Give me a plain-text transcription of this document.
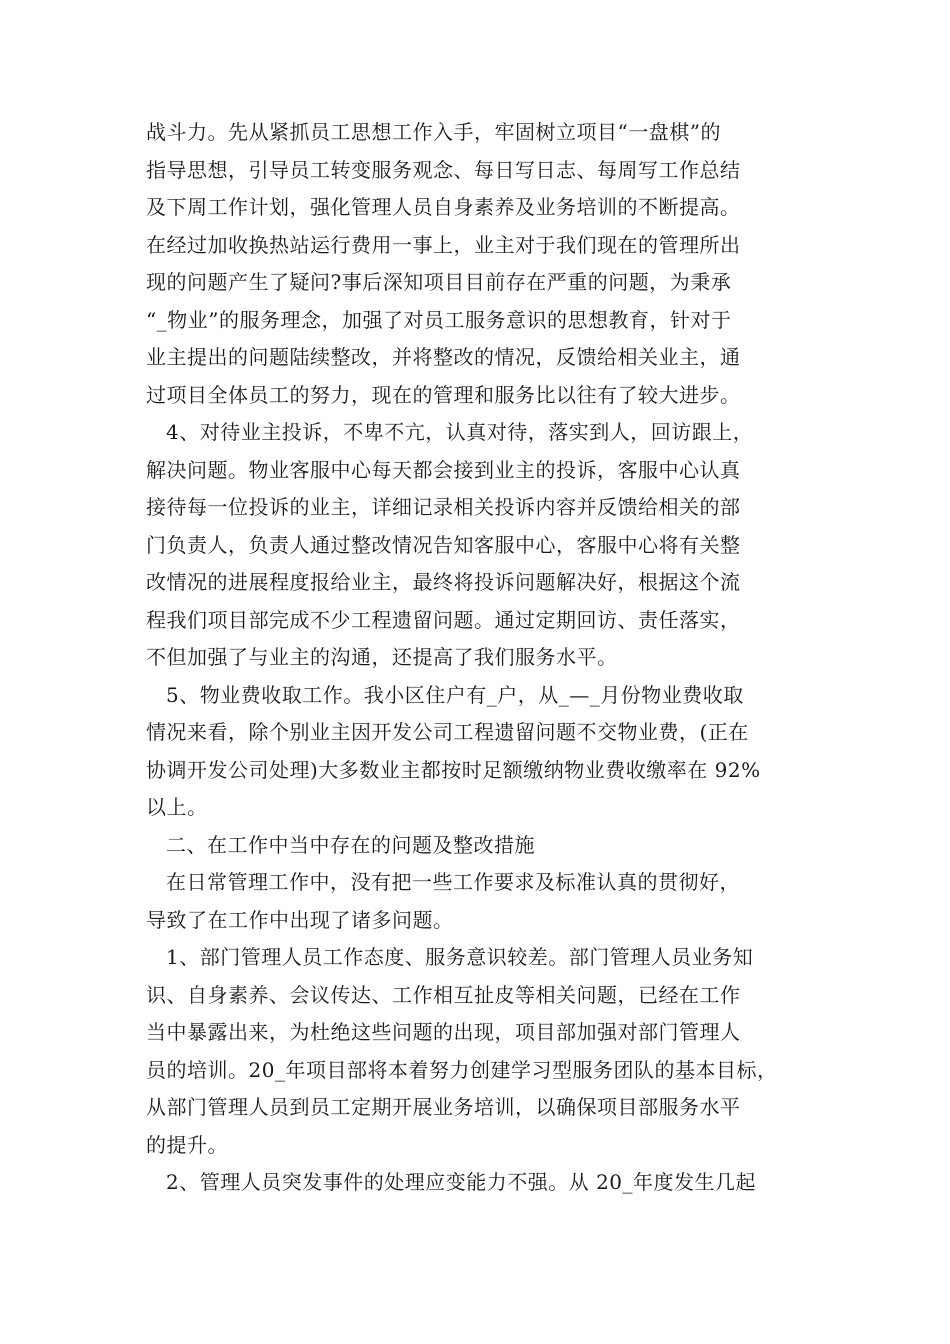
战斗力。先从紧抓员工思想工作入手，牢固树立项目“一盘棋”的
指导思想，引导员工转变服务观念、每日写日志、每周写工作总结
及下周工作计划，强化管理人员自身素养及业务培训的不断提高。
在经过加收换热站运行费用一事上，业主对于我们现在的管理所出
现的问题产生了疑问?事后深知项目目前存在严重的问题，为秉承
“_物业”的服务理念，加强了对员工服务意识的思想教育，针对于
业主提出的问题陆续整改，并将整改的情况，反馈给相关业主，通
过项目全体员工的努力，现在的管理和服务比以往有了较大进步。
4、对待业主投诉，不卑不亢，认真对待，落实到人，回访跟上，
解决问题。物业客服中心每天都会接到业主的投诉，客服中心认真
接待每一位投诉的业主，详细记录相关投诉内容并反馈给相关的部
门负责人，负责人通过整改情况告知客服中心，客服中心将有关整
改情况的进展程度报给业主，最终将投诉问题解决好，根据这个流
程我们项目部完成不少工程遗留问题。通过定期回访、责任落实，
不但加强了与业主的沟通，还提高了我们服务水平。
5、物业费收取工作。我小区住户有_户，从_—_月份物业费收取
情况来看，除个别业主因开发公司工程遗留问题不交物业费，(正在
协调开发公司处理)大多数业主都按时足额缴纳物业费收缴率在 92%
以上。
二、在工作中当中存在的问题及整改措施
在日常管理工作中，没有把一些工作要求及标准认真的贯彻好，
导致了在工作中出现了诸多问题。
1、部门管理人员工作态度、服务意识较差。部门管理人员业务知
识、自身素养、会议传达、工作相互扯皮等相关问题，已经在工作
当中暴露出来，为杜绝这些问题的出现，项目部加强对部门管理人
员的培训。20_年项目部将本着努力创建学习型服务团队的基本目标，
从部门管理人员到员工定期开展业务培训，以确保项目部服务水平
的提升。
2、管理人员突发事件的处理应变能力不强。从 20_年度发生几起
